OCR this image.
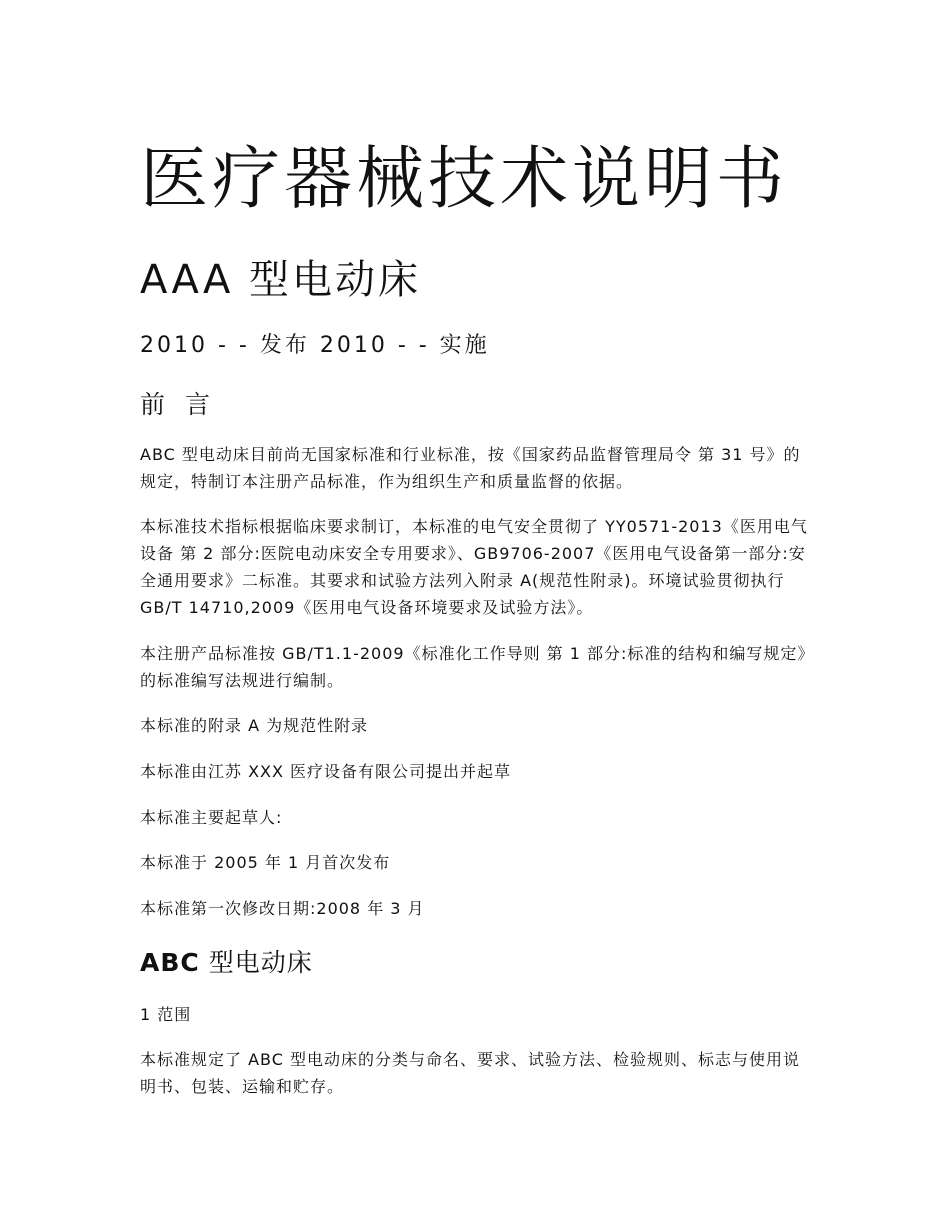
医疗器械技术说明书
AAA 型电动床
2010 - - 发布 2010 - - 实施
前 言

ABC 型电动床目前尚无国家标准和行业标准，按《国家药品监督管理局令 第 31 号》的规定，特制订本注册产品标准，作为组织生产和质量监督的依据。

本标准技术指标根据临床要求制订，本标准的电气安全贯彻了 YY0571-2013《医用电气设备 第 2 部分:医院电动床安全专用要求》、GB9706-2007《医用电气设备第一部分:安全通用要求》二标准。其要求和试验方法列入附录 A(规范性附录)。环境试验贯彻执行 GB/T 14710,2009《医用电气设备环境要求及试验方法》。

本注册产品标准按 GB/T1.1-2009《标准化工作导则 第 1 部分:标准的结构和编写规定》的标准编写法规进行编制。

本标准的附录 A 为规范性附录

本标准由江苏 XXX 医疗设备有限公司提出并起草

本标准主要起草人:

本标准于 2005 年 1 月首次发布

本标准第一次修改日期:2008 年 3 月

ABC 型电动床
1 范围

本标准规定了 ABC 型电动床的分类与命名、要求、试验方法、检验规则、标志与使用说明书、包装、运输和贮存。
